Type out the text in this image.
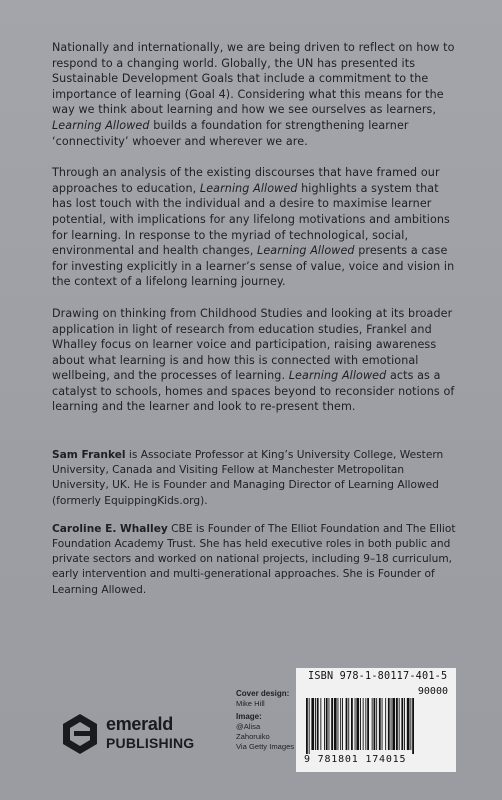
Nationally and internationally, we are being driven to reflect on how to respond to a changing world. Globally, the UN has presented its Sustainable Development Goals that include a commitment to the importance of learning (Goal 4). Considering what this means for the way we think about learning and how we see ourselves as learners, Learning Allowed builds a foundation for strengthening learner ‘connectivity’ whoever and wherever we are.

Through an analysis of the existing discourses that have framed our approaches to education, Learning Allowed highlights a system that has lost touch with the individual and a desire to maximise learner potential, with implications for any lifelong motivations and ambitions for learning. In response to the myriad of technological, social, environmental and health changes, Learning Allowed presents a case for investing explicitly in a learner’s sense of value, voice and vision in the context of a lifelong learning journey.

Drawing on thinking from Childhood Studies and looking at its broader application in light of research from education studies, Frankel and Whalley focus on learner voice and participation, raising awareness about what learning is and how this is connected with emotional wellbeing, and the processes of learning. Learning Allowed acts as a catalyst to schools, homes and spaces beyond to reconsider notions of learning and the learner and look to re-present them.

Sam Frankel is Associate Professor at King’s University College, Western University, Canada and Visiting Fellow at Manchester Metropolitan University, UK. He is Founder and Managing Director of Learning Allowed (formerly EquippingKids.org).

Caroline E. Whalley CBE is Founder of The Elliot Foundation and The Elliot Foundation Academy Trust. She has held executive roles in both public and private sectors and worked on national projects, including 9–18 curriculum, early intervention and multi-generational approaches. She is Founder of Learning Allowed.

emerald
PUBLISHING
Cover design:
Mike Hill
Image:
@Alisa Zahoruiko
Via Getty Images
ISBN 978-1-80117-401-5
90000
9 781801 174015
